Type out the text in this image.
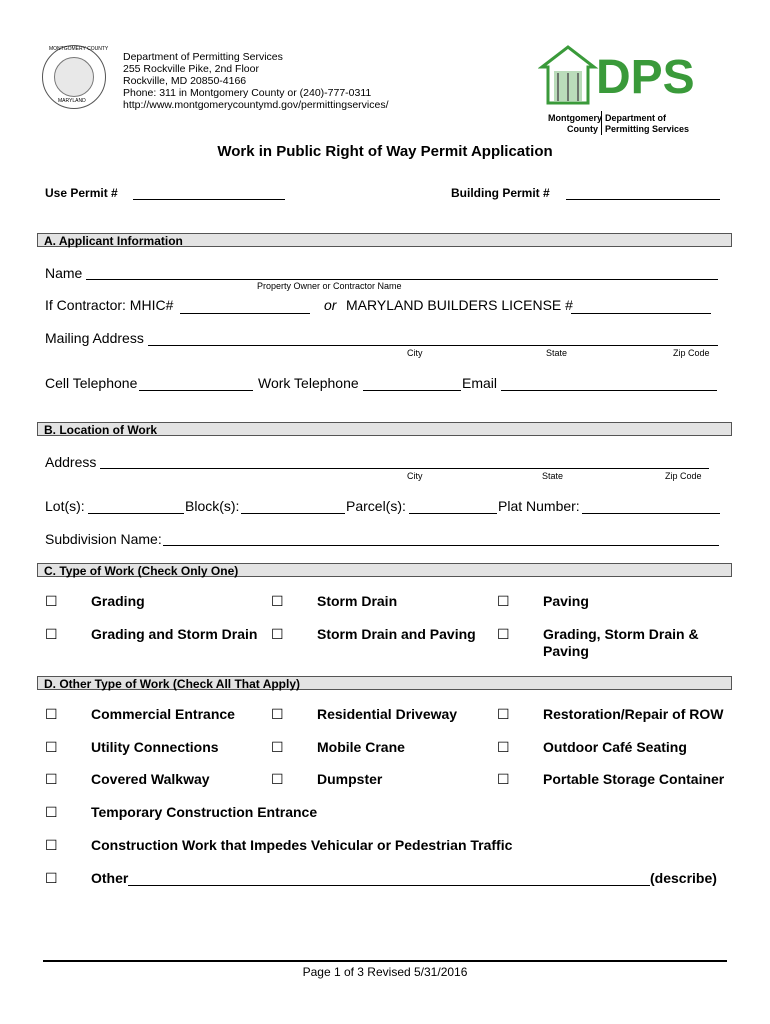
MONTGOMERY COUNTY
MARYLAND
Department of Permitting Services
255 Rockville Pike, 2nd Floor
Rockville, MD 20850-4166
Phone: 311 in Montgomery County or (240)-777-0311
http://www.montgomerycountymd.gov/permittingservices/
DPS
Montgomery
County
Department of
Permitting Services
Work in Public Right of Way Permit Application
Use Permit #	Building Permit #
A. Applicant Information
Name
Property Owner or Contractor Name
If Contractor: MHIC#	or MARYLAND BUILDERS LICENSE #
Mailing Address
City	State	Zip Code
Cell Telephone	Work Telephone	Email
B. Location of Work
Address
City	State	Zip Code
Lot(s):	Block(s):	Parcel(s):	Plat Number:
Subdivision Name:
C. Type of Work (Check Only One)
☐ Grading	☐ Storm Drain	☐ Paving
☐ Grading and Storm Drain ☐ Storm Drain and Paving ☐ Grading, Storm Drain &
Paving
D. Other Type of Work (Check All That Apply)
☐ Commercial Entrance	☐ Residential Driveway	☐ Restoration/Repair of ROW
☐ Utility Connections	☐ Mobile Crane	☐ Outdoor Café Seating
☐ Covered Walkway	☐ Dumpster	☐ Portable Storage Container
☐ Temporary Construction Entrance
☐ Construction Work that Impedes Vehicular or Pedestrian Traffic
☐ Other	(describe)
Page 1 of 3 Revised 5/31/2016
